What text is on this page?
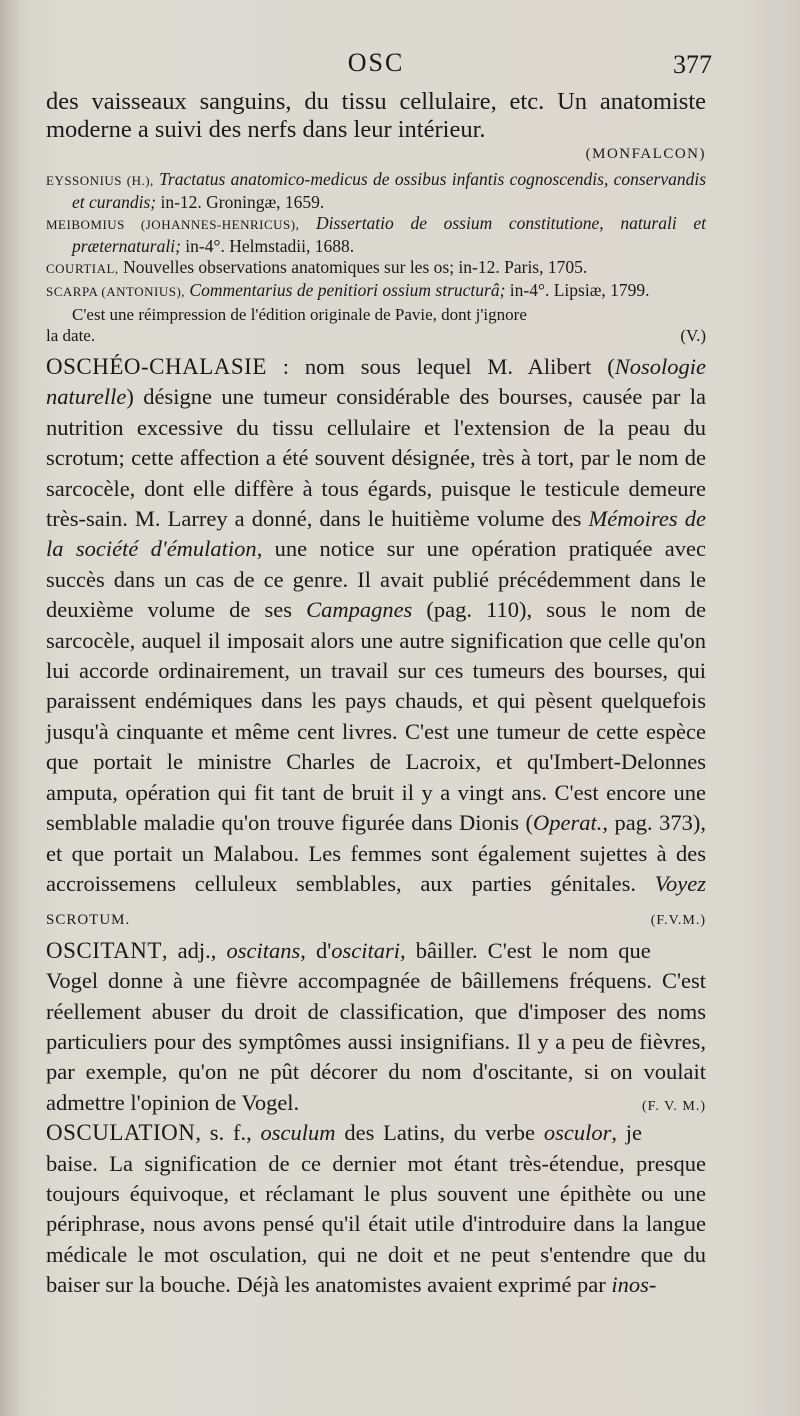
OSC	377

des vaisseaux sanguins, du tissu cellulaire, etc. Un anatomiste moderne a suivi des nerfs dans leur intérieur.

(MONFALCON)

EYSSONIUS (H.), Tractatus anatomico-medicus de ossibus infantis cognoscendis, conservandis et curandis; in-12. Groningæ, 1659.

MEIBOMIUS (JOHANNES-HENRICUS), Dissertatio de ossium constitutione, naturali et præternaturali; in-4°. Helmstadii, 1688.

COURTIAL, Nouvelles observations anatomiques sur les os; in-12. Paris, 1705.

SCARPA (ANTONIUS), Commentarius de penitiori ossium structurâ; in-4°. Lipsiæ, 1799.

C'est une réimpression de l'édition originale de Pavie, dont j'ignore

la date.	(V.)

OSCHÉO-CHALASIE : nom sous lequel M. Alibert (Nosologie naturelle) désigne une tumeur considérable des bourses, causée par la nutrition excessive du tissu cellulaire et l'extension de la peau du scrotum; cette affection a été souvent désignée, très à tort, par le nom de sarcocèle, dont elle diffère à tous égards, puisque le testicule demeure très-sain. M. Larrey a donné, dans le huitième volume des Mémoires de la société d'émulation, une notice sur une opération pratiquée avec succès dans un cas de ce genre. Il avait publié précédemment dans le deuxième volume de ses Campagnes (pag. 110), sous le nom de sarcocèle, auquel il imposait alors une autre signification que celle qu'on lui accorde ordinairement, un travail sur ces tumeurs des bourses, qui paraissent endémiques dans les pays chauds, et qui pèsent quelquefois jusqu'à cinquante et même cent livres. C'est une tumeur de cette espèce que portait le ministre Charles de Lacroix, et qu'Imbert-Delonnes amputa, opération qui fit tant de bruit il y a vingt ans. C'est encore une semblable maladie qu'on trouve figurée dans Dionis (Operat., pag. 373), et que portait un Malabou. Les femmes sont également sujettes à des accroissemens celluleux semblables, aux parties génitales. Voyez SCROTUM.	(F.V.M.)

OSCITANT, adj., oscitans, d'oscitari, bâiller. C'est le nom que Vogel donne à une fièvre accompagnée de bâillemens fréquens. C'est réellement abuser du droit de classification, que d'imposer des noms particuliers pour des symptômes aussi insignifians. Il y a peu de fièvres, par exemple, qu'on ne pût décorer du nom d'oscitante, si on voulait admettre l'opinion de Vogel.	(F. V. M.)

OSCULATION, s. f., osculum des Latins, du verbe osculor, je baise. La signification de ce dernier mot étant très-étendue, presque toujours équivoque, et réclamant le plus souvent une épithète ou une périphrase, nous avons pensé qu'il était utile d'introduire dans la langue médicale le mot osculation, qui ne doit et ne peut s'entendre que du baiser sur la bouche. Déjà les anatomistes avaient exprimé par inos-
